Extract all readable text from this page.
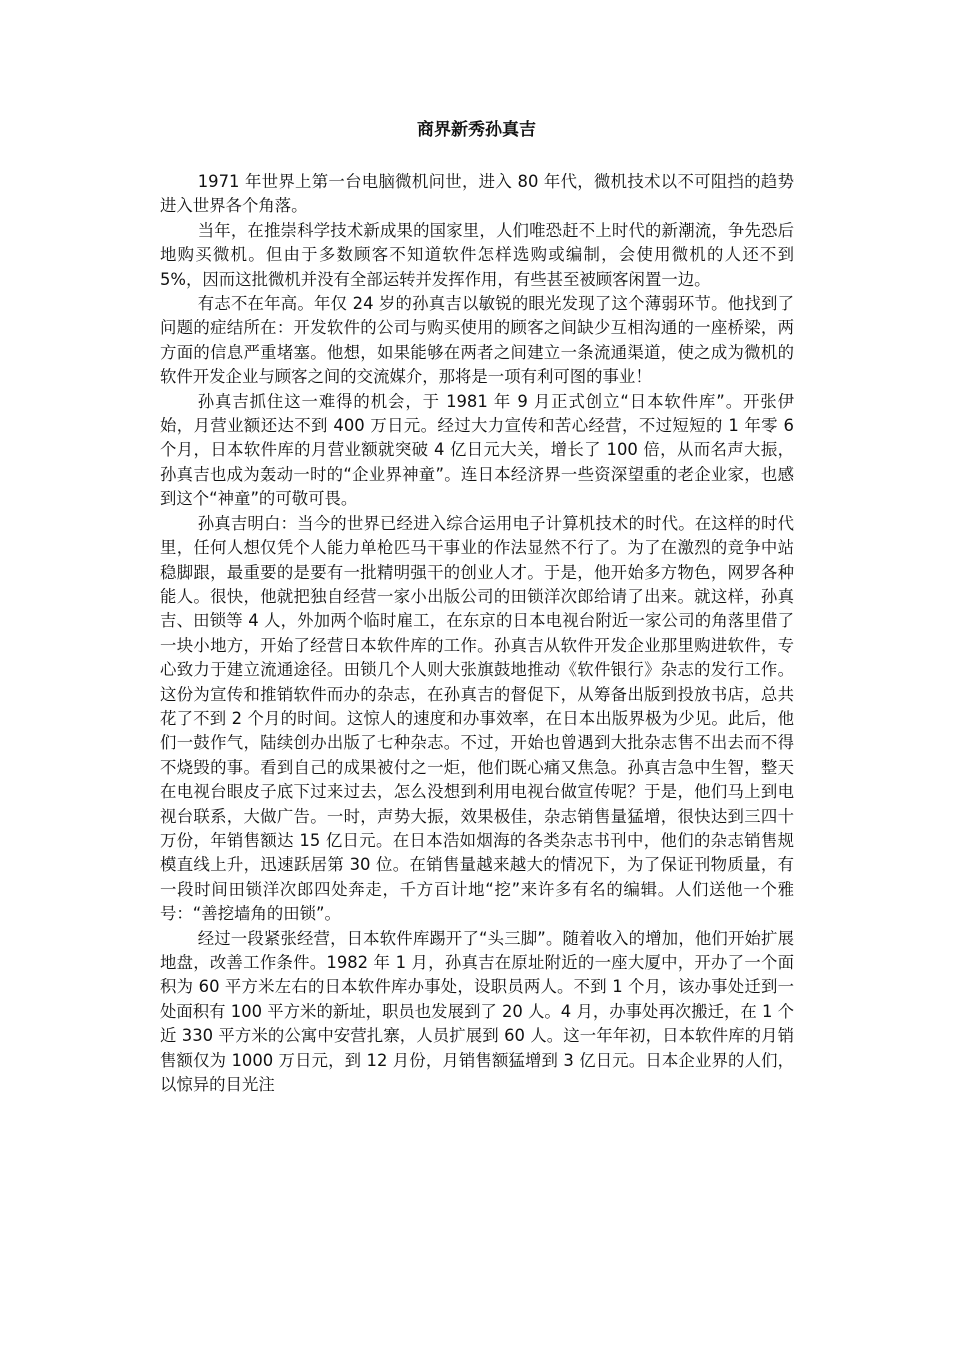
商界新秀孙真吉

1971 年世界上第一台电脑微机问世，进入 80 年代，微机技术以不可阻挡的趋势进入世界各个角落。

当年，在推崇科学技术新成果的国家里，人们唯恐赶不上时代的新潮流，争先恐后地购买微机。但由于多数顾客不知道软件怎样选购或编制，会使用微机的人还不到 5%，因而这批微机并没有全部运转并发挥作用，有些甚至被顾客闲置一边。

有志不在年高。年仅 24 岁的孙真吉以敏锐的眼光发现了这个薄弱环节。他找到了问题的症结所在：开发软件的公司与购买使用的顾客之间缺少互相沟通的一座桥梁，两方面的信息严重堵塞。他想，如果能够在两者之间建立一条流通渠道，使之成为微机的软件开发企业与顾客之间的交流媒介，那将是一项有利可图的事业！

孙真吉抓住这一难得的机会，于 1981 年 9 月正式创立“日本软件库”。开张伊始，月营业额还达不到 400 万日元。经过大力宣传和苦心经营，不过短短的 1 年零 6 个月，日本软件库的月营业额就突破 4 亿日元大关，增长了 100 倍，从而名声大振，孙真吉也成为轰动一时的“企业界神童”。连日本经济界一些资深望重的老企业家，也感到这个“神童”的可敬可畏。

孙真吉明白：当今的世界已经进入综合运用电子计算机技术的时代。在这样的时代里，任何人想仅凭个人能力单枪匹马干事业的作法显然不行了。为了在激烈的竞争中站稳脚跟，最重要的是要有一批精明强干的创业人才。于是，他开始多方物色，网罗各种能人。很快，他就把独自经营一家小出版公司的田锁洋次郎给请了出来。就这样，孙真吉、田锁等 4 人，外加两个临时雇工，在东京的日本电视台附近一家公司的角落里借了一块小地方，开始了经营日本软件库的工作。孙真吉从软件开发企业那里购进软件，专心致力于建立流通途径。田锁几个人则大张旗鼓地推动《软件银行》杂志的发行工作。这份为宣传和推销软件而办的杂志，在孙真吉的督促下，从筹备出版到投放书店，总共花了不到 2 个月的时间。这惊人的速度和办事效率，在日本出版界极为少见。此后，他们一鼓作气，陆续创办出版了七种杂志。不过，开始也曾遇到大批杂志售不出去而不得不烧毁的事。看到自己的成果被付之一炬，他们既心痛又焦急。孙真吉急中生智，整天在电视台眼皮子底下过来过去，怎么没想到利用电视台做宣传呢？于是，他们马上到电视台联系，大做广告。一时，声势大振，效果极佳，杂志销售量猛增，很快达到三四十万份，年销售额达 15 亿日元。在日本浩如烟海的各类杂志书刊中，他们的杂志销售规模直线上升，迅速跃居第 30 位。在销售量越来越大的情况下，为了保证刊物质量，有一段时间田锁洋次郎四处奔走，千方百计地“挖”来许多有名的编辑。人们送他一个雅号：“善挖墙角的田锁”。

经过一段紧张经营，日本软件库踢开了“头三脚”。随着收入的增加，他们开始扩展地盘，改善工作条件。1982 年 1 月，孙真吉在原址附近的一座大厦中，开办了一个面积为 60 平方米左右的日本软件库办事处，设职员两人。不到 1 个月，该办事处迁到一处面积有 100 平方米的新址，职员也发展到了 20 人。4 月，办事处再次搬迁，在 1 个近 330 平方米的公寓中安营扎寨，人员扩展到 60 人。这一年年初，日本软件库的月销售额仅为 1000 万日元，到 12 月份，月销售额猛增到 3 亿日元。日本企业界的人们，以惊异的目光注
